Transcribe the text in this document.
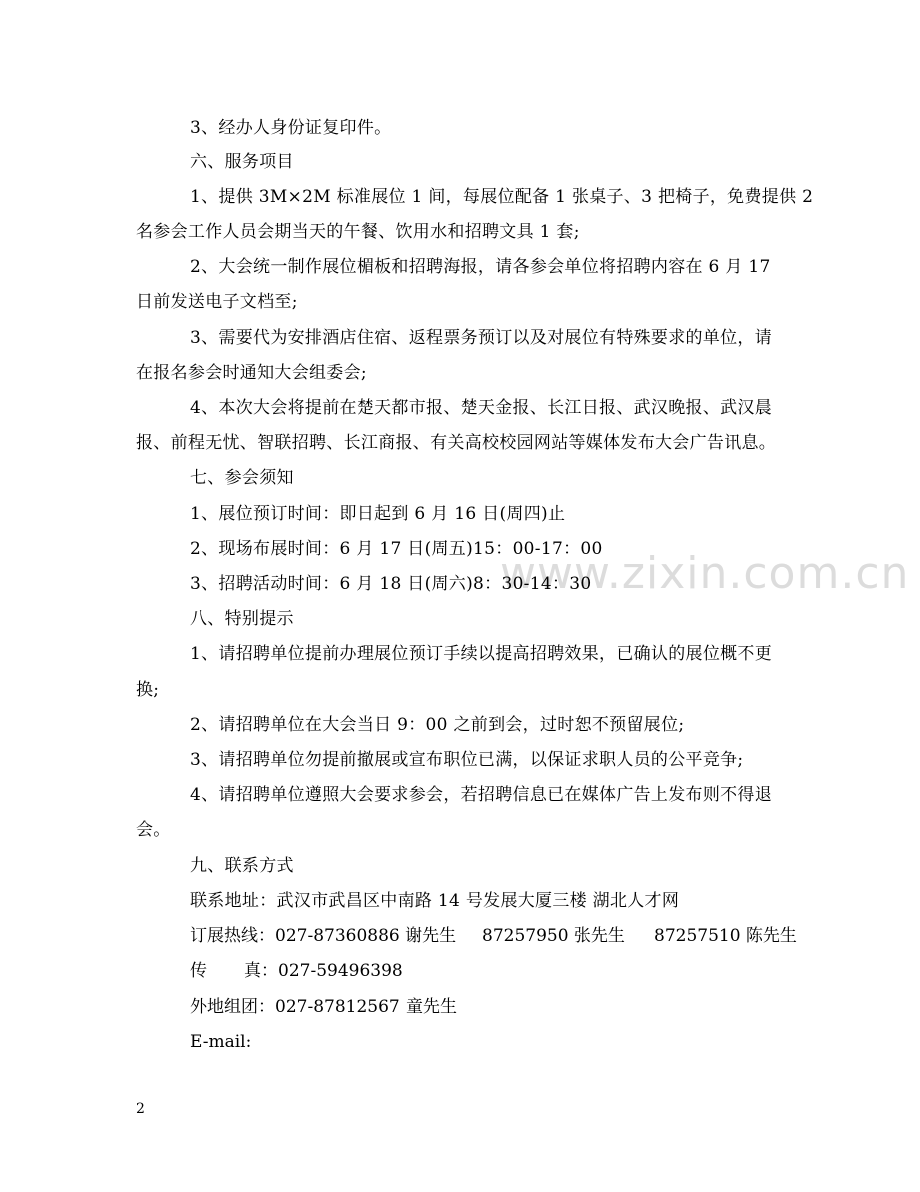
www.zixin.com.cn
3、经办人身份证复印件。
六、服务项目
1、提供 3M×2M 标准展位 1 间，每展位配备 1 张桌子、3 把椅子，免费提供 2
名参会工作人员会期当天的午餐、饮用水和招聘文具 1 套;
2、大会统一制作展位楣板和招聘海报，请各参会单位将招聘内容在 6 月 17
日前发送电子文档至;
3、需要代为安排酒店住宿、返程票务预订以及对展位有特殊要求的单位，请
在报名参会时通知大会组委会;
4、本次大会将提前在楚天都市报、楚天金报、长江日报、武汉晚报、武汉晨
报、前程无忧、智联招聘、长江商报、有关高校校园网站等媒体发布大会广告讯息。
七、参会须知
1、展位预订时间：即日起到 6 月 16 日(周四)止
2、现场布展时间：6 月 17 日(周五)15：00-17：00
3、招聘活动时间：6 月 18 日(周六)8：30-14：30
八、特别提示
1、请招聘单位提前办理展位预订手续以提高招聘效果，已确认的展位概不更
换;
2、请招聘单位在大会当日 9：00 之前到会，过时恕不预留展位;
3、请招聘单位勿提前撤展或宣布职位已满，以保证求职人员的公平竞争;
4、请招聘单位遵照大会要求参会，若招聘信息已在媒体广告上发布则不得退
会。
九、联系方式
联系地址：武汉市武昌区中南路 14 号发展大厦三楼 湖北人才网
订展热线：027-87360886 谢先生 87257950 张先生 87257510 陈先生
传 真：027-59496398
外地组团：027-87812567 童先生
E-mail:
2
